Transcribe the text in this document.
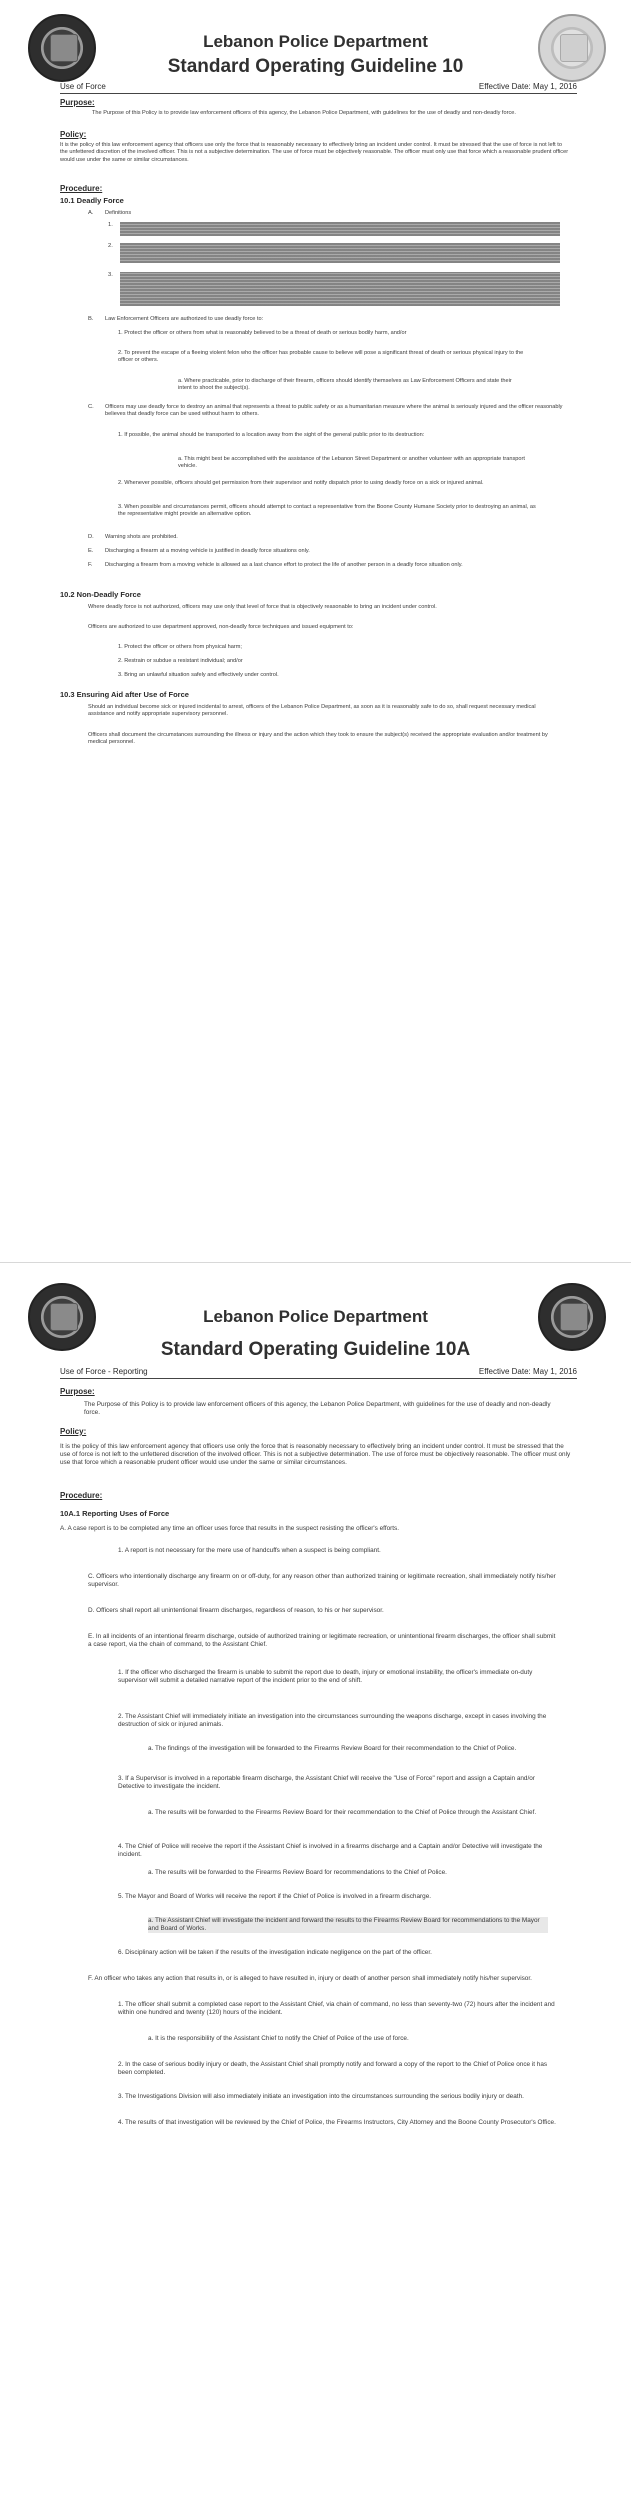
Lebanon Police Department
Standard Operating Guideline 10
Use of Force	Effective Date: May 1, 2016
Purpose:
The Purpose of this Policy is to provide law enforcement officers of this agency, the Lebanon Police Department, with guidelines for the use of deadly and non-deadly force.
Policy:
It is the policy of this law enforcement agency that officers use only the force that is reasonably necessary to effectively bring an incident under control. It must be stressed that the use of force is not left to the unfettered discretion of the involved officer. This is not a subjective determination. The use of force must be objectively reasonable. The officer must only use that force which a reasonable prudent officer would use under the same or similar circumstances.
Procedure:
10.1 Deadly Force
A. Definitions
1.
2.
3.
B. Law Enforcement Officers are authorized to use deadly force to:
1. Protect the officer or others from what is reasonably believed to be a threat of death or serious bodily harm, and/or
2. To prevent the escape of a fleeing violent felon who the officer has probable cause to believe will pose a significant threat of death or serious physical injury to the officer or others.
a. Where practicable, prior to discharge of their firearm, officers should identify themselves as Law Enforcement Officers and state their intent to shoot the subject(s).
C. Officers may use deadly force to destroy an animal that represents a threat to public safety or as a humanitarian measure where the animal is seriously injured and the officer reasonably believes that deadly force can be used without harm to others.
1. If possible, the animal should be transported to a location away from the sight of the general public prior to its destruction:
a. This might best be accomplished with the assistance of the Lebanon Street Department or another volunteer with an appropriate transport vehicle.
2. Whenever possible, officers should get permission from their supervisor and notify dispatch prior to using deadly force on a sick or injured animal.
3. When possible and circumstances permit, officers should attempt to contact a representative from the Boone County Humane Society prior to destroying an animal, as the representative might provide an alternative option.
D. Warning shots are prohibited.
E. Discharging a firearm at a moving vehicle is justified in deadly force situations only.
F. Discharging a firearm from a moving vehicle is allowed as a last chance effort to protect the life of another person in a deadly force situation only.
10.2 Non-Deadly Force
Where deadly force is not authorized, officers may use only that level of force that is objectively reasonable to bring an incident under control.
Officers are authorized to use department approved, non-deadly force techniques and issued equipment to:
1. Protect the officer or others from physical harm;
2. Restrain or subdue a resistant individual; and/or
3. Bring an unlawful situation safely and effectively under control.
10.3 Ensuring Aid after Use of Force
Should an individual become sick or injured incidental to arrest, officers of the Lebanon Police Department, as soon as it is reasonably safe to do so, shall request necessary medical assistance and notify appropriate supervisory personnel.
Officers shall document the circumstances surrounding the illness or injury and the action which they took to ensure the subject(s) received the appropriate evaluation and/or treatment by medical personnel.
Lebanon Police Department
Standard Operating Guideline 10A
Use of Force - Reporting	Effective Date: May 1, 2016
Purpose:
The Purpose of this Policy is to provide law enforcement officers of this agency, the Lebanon Police Department, with guidelines for the use of deadly and non-deadly force.
Policy:
It is the policy of this law enforcement agency that officers use only the force that is reasonably necessary to effectively bring an incident under control. It must be stressed that the use of force is not left to the unfettered discretion of the involved officer. This is not a subjective determination. The use of force must be objectively reasonable. The officer must only use that force which a reasonable prudent officer would use under the same or similar circumstances.
Procedure:
10A.1 Reporting Uses of Force
A. A case report is to be completed any time an officer uses force that results in the suspect resisting the officer's efforts.
1. A report is not necessary for the mere use of handcuffs when a suspect is being compliant.
C. Officers who intentionally discharge any firearm on or off-duty, for any reason other than authorized training or legitimate recreation, shall immediately notify his/her supervisor.
D. Officers shall report all unintentional firearm discharges, regardless of reason, to his or her supervisor.
E. In all incidents of an intentional firearm discharge, outside of authorized training or legitimate recreation, or unintentional firearm discharges, the officer shall submit a case report, via the chain of command, to the Assistant Chief.
1. If the officer who discharged the firearm is unable to submit the report due to death, injury or emotional instability, the officer's immediate on-duty supervisor will submit a detailed narrative report of the incident prior to the end of shift.
2. The Assistant Chief will immediately initiate an investigation into the circumstances surrounding the weapons discharge, except in cases involving the destruction of sick or injured animals.
a. The findings of the investigation will be forwarded to the Firearms Review Board for their recommendation to the Chief of Police.
3. If a Supervisor is involved in a reportable firearm discharge, the Assistant Chief will receive the "Use of Force" report and assign a Captain and/or Detective to investigate the incident.
a. The results will be forwarded to the Firearms Review Board for their recommendation to the Chief of Police through the Assistant Chief.
4. The Chief of Police will receive the report if the Assistant Chief is involved in a firearms discharge and a Captain and/or Detective will investigate the incident.
a. The results will be forwarded to the Firearms Review Board for recommendations to the Chief of Police.
5. The Mayor and Board of Works will receive the report if the Chief of Police is involved in a firearm discharge.
a. The Assistant Chief will investigate the incident and forward the results to the Firearms Review Board for recommendations to the Mayor and Board of Works.
6. Disciplinary action will be taken if the results of the investigation indicate negligence on the part of the officer.
F. An officer who takes any action that results in, or is alleged to have resulted in, injury or death of another person shall immediately notify his/her supervisor.
1. The officer shall submit a completed case report to the Assistant Chief, via chain of command, no less than seventy-two (72) hours after the incident and within one hundred and twenty (120) hours of the incident.
a. It is the responsibility of the Assistant Chief to notify the Chief of Police of the use of force.
2. In the case of serious bodily injury or death, the Assistant Chief shall promptly notify and forward a copy of the report to the Chief of Police once it has been completed.
3. The Investigations Division will also immediately initiate an investigation into the circumstances surrounding the serious bodily injury or death.
4. The results of that investigation will be reviewed by the Chief of Police, the Firearms Instructors, City Attorney and the Boone County Prosecutor's Office.
